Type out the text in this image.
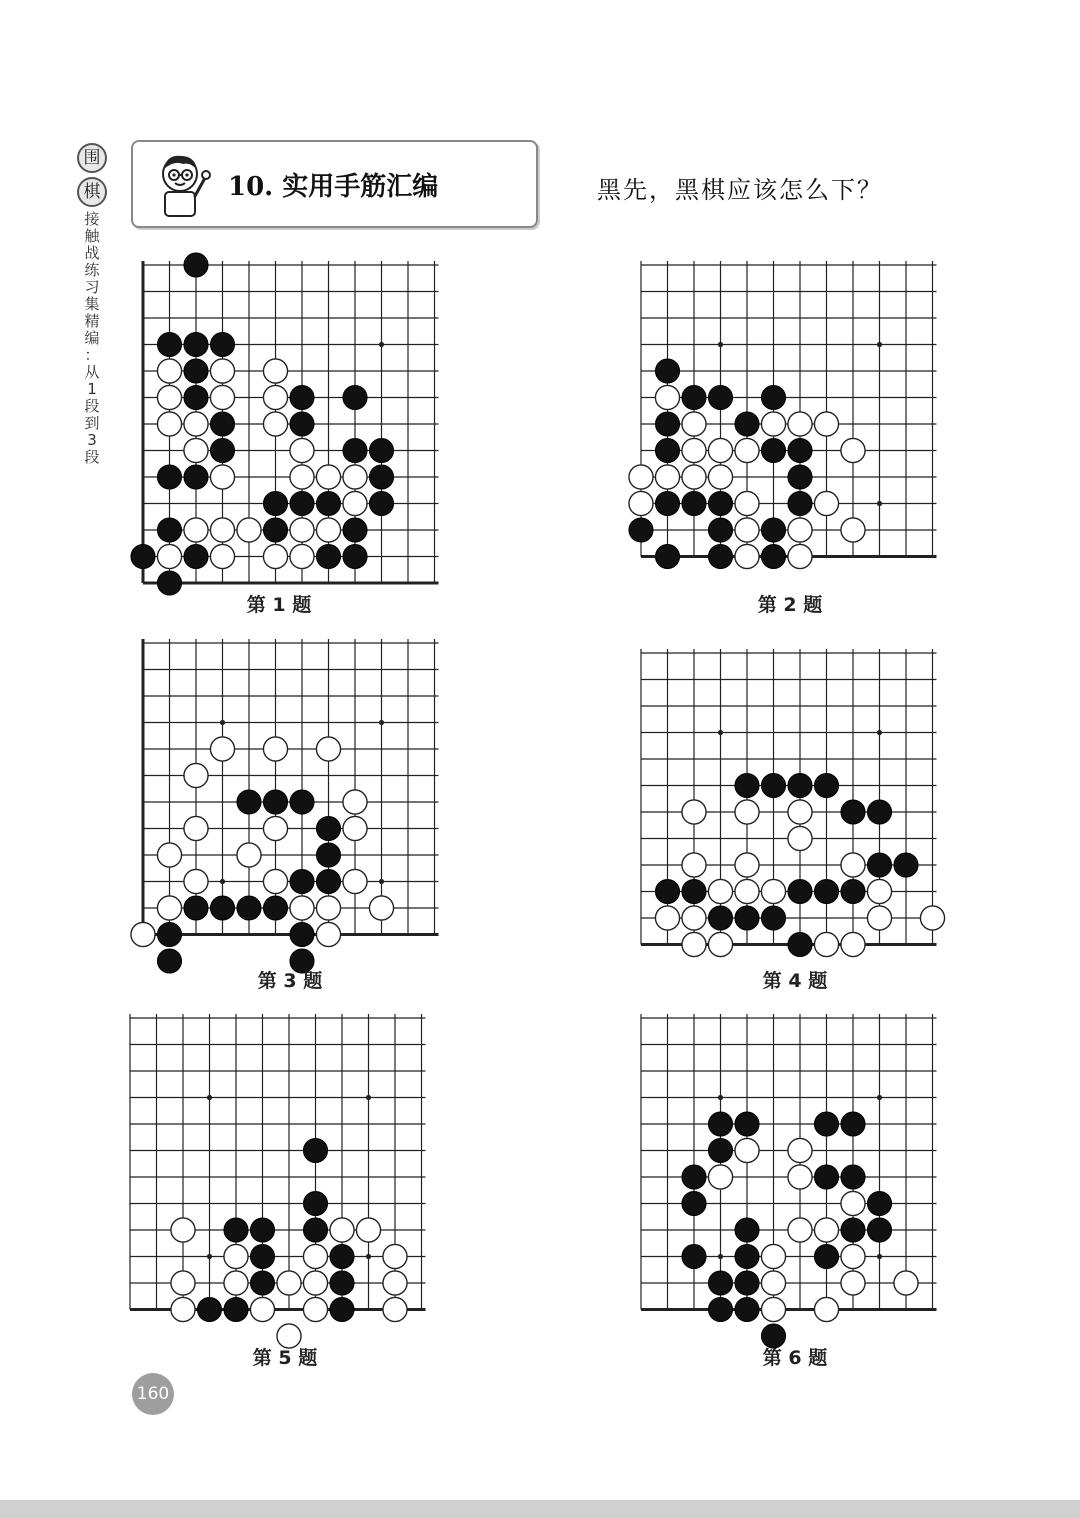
围
棋
接
触
战
练
习
集
精
编
：
从
1
段
到
3
段
10. 实用手筋汇编	黑先，黑棋应该怎么下？
第 1 题	第 2 题
第 3 题	第 4 题
第 5 题	第 6 题
160
